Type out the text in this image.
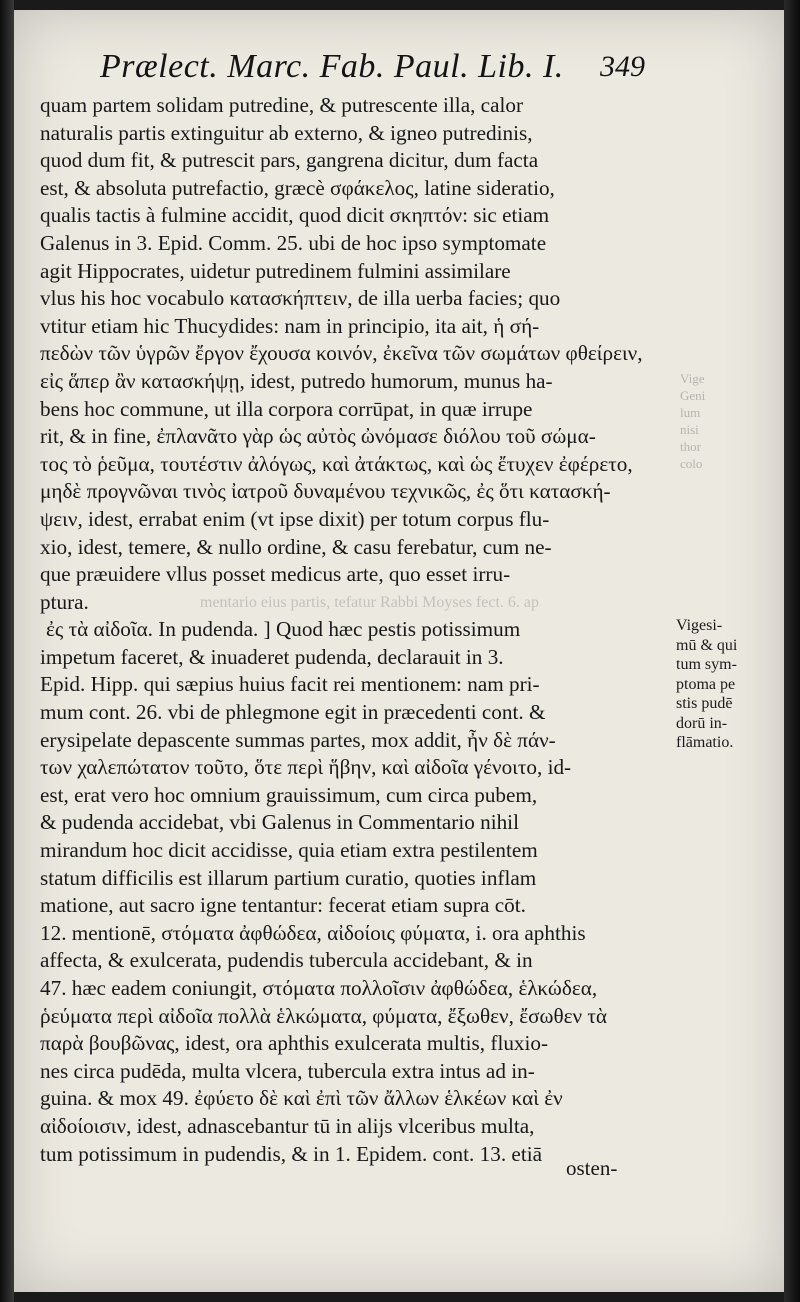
Prælect. Marc. Fab. Paul. Lib. I.	349
Vige
Geni
lum
nisi
thor
colo
mentario eius partis, tefatur Rabbi Moyses fect. 6. ap
quam partem solidam putredine, & putrescente illa, calor
naturalis partis extinguitur ab externo, & igneo putredinis,
quod dum fit, & putrescit pars, gangrena dicitur, dum facta
est, & absoluta putrefactio, græcè σφάκελος, latine sideratio,
qualis tactis à fulmine accidit, quod dicit σκηπτόν: sic etiam
Galenus in 3. Epid. Comm. 25. ubi de hoc ipso symptomate
agit Hippocrates, uidetur putredinem fulmini assimilare
vlus his hoc vocabulo κατασκήπτειν, de illa uerba facies; quo
vtitur etiam hic Thucydides: nam in principio, ita ait, ἡ σή-
πεδὼν τῶν ὑγρῶν ἔργον ἔχουσα κοινόν, ἐκεῖνα τῶν σωμάτων φθείρειν,
εἰς ἅπερ ἂν κατασκήψῃ, idest, putredo humorum, munus ha-
bens hoc commune, ut illa corpora corrūpat, in quæ irrupe
rit, & in fine, ἐπλανᾶτο γὰρ ὡς αὐτὸς ὠνόμασε διόλου τοῦ σώμα-
τος τὸ ῥεῦμα, τουτέστιν ἀλόγως, καὶ ἀτάκτως, καὶ ὡς ἔτυχεν ἐφέρετο,
μηδὲ προγνῶναι τινὸς ἰατροῦ δυναμένου τεχνικῶς, ἐς ὅτι κατασκή-
ψειν, idest, errabat enim (vt ipse dixit) per totum corpus flu-
xio, idest, temere, & nullo ordine, & casu ferebatur, cum ne-
que præuidere vllus posset medicus arte, quo esset irru-
ptura.
ἐς τὰ αἰδοῖα. In pudenda. ] Quod hæc pestis potissimum
impetum faceret, & inuaderet pudenda, declarauit in 3.
Epid. Hipp. qui sæpius huius facit rei mentionem: nam pri-
mum cont. 26. vbi de phlegmone egit in præcedenti cont. &
erysipelate depascente summas partes, mox addit, ἦν δὲ πάν-
των χαλεπώτατον τοῦτο, ὅτε περὶ ἥβην, καὶ αἰδοῖα γένοιτο, id-
est, erat vero hoc omnium grauissimum, cum circa pubem,
& pudenda accidebat, vbi Galenus in Commentario nihil
mirandum hoc dicit accidisse, quia etiam extra pestilentem
statum difficilis est illarum partium curatio, quoties inflam
matione, aut sacro igne tentantur: fecerat etiam supra cōt.
12. mentionē, στόματα ἀφθώδεα, αἰδοίοις φύματα, i. ora aphthis
affecta, & exulcerata, pudendis tubercula accidebant, & in
47. hæc eadem coniungit, στόματα πολλοῖσιν ἀφθώδεα, ἑλκώδεα,
ῥεύματα περὶ αἰδοῖα πολλὰ ἑλκώματα, φύματα, ἔξωθεν, ἔσωθεν τὰ
παρὰ βουβῶνας, idest, ora aphthis exulcerata multis, fluxio-
nes circa pudēda, multa vlcera, tubercula extra intus ad in-
guina. & mox 49. ἐφύετο δὲ καὶ ἐπὶ τῶν ἄλλων ἑλκέων καὶ ἐν
αἰδοίοισιν, idest, adnascebantur tū in alijs vlceribus multa,
tum potissimum in pudendis, & in 1. Epidem. cont. 13. etiā
osten-
Vigesi-
mū & qui
tum sym-
ptoma pe
stis pudē
dorū in-
flāmatio.
